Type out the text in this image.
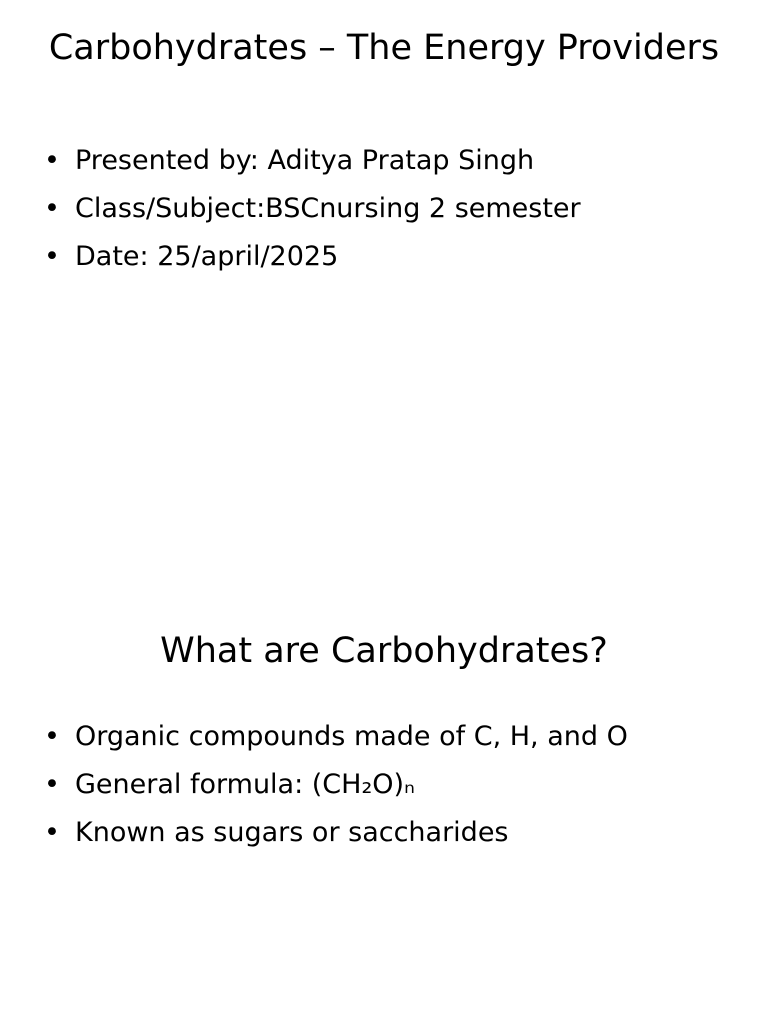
Carbohydrates – The Energy Providers
• Presented by: Aditya Pratap Singh
• Class/Subject:BSCnursing 2 semester
• Date: 25/april/2025
What are Carbohydrates?
• Organic compounds made of C, H, and O
• General formula: (CH₂O)ₙ
• Known as sugars or saccharides
